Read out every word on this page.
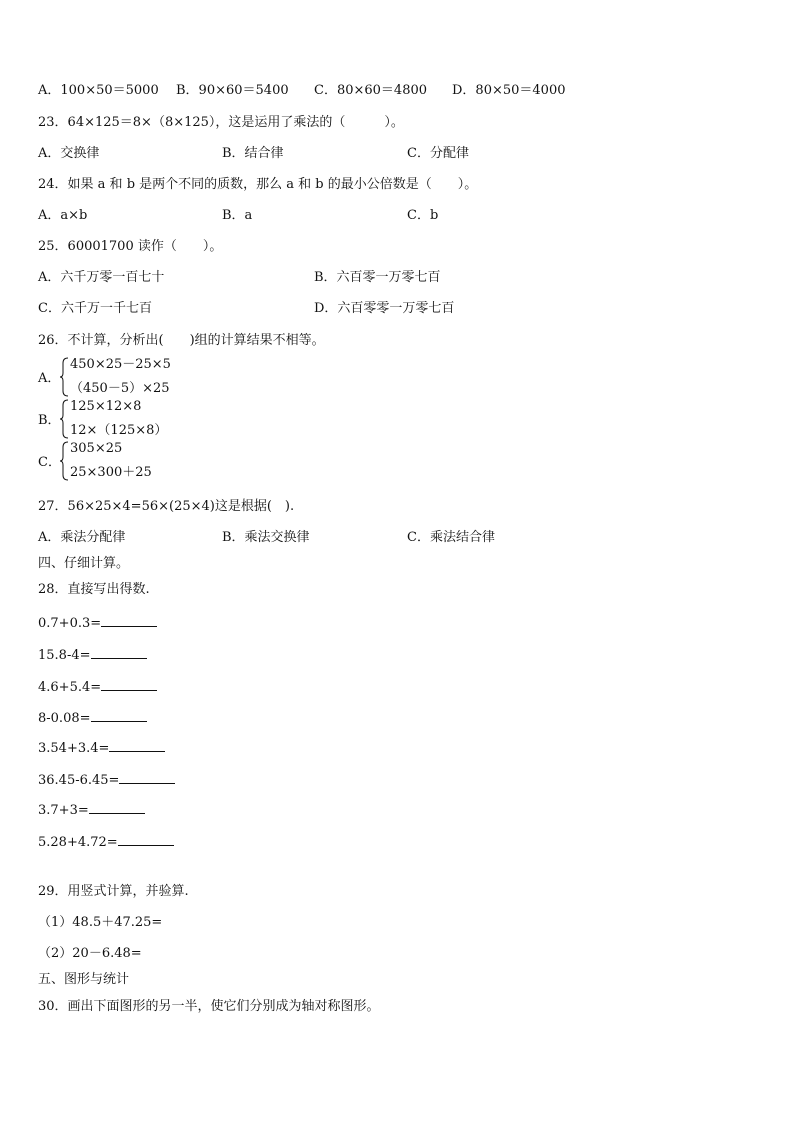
A．100×50＝5000 B．90×60＝5400 C．80×60＝4800 D．80×50＝4000
23．64×125＝8×（8×125），这是运用了乘法的（　　　）。
A．交换律	B．结合律	C．分配律
24．如果 a 和 b 是两个不同的质数，那么 a 和 b 的最小公倍数是（　　）。
A．a×b	B．a	C．b
25．60001700 读作（　　）。
A．六千万零一百七十	B．六百零一万零七百
C．六千万一千七百	D．六百零零一万零七百
26．不计算，分析出(　　)组的计算结果不相等。
A．
450×25－25×5
（450－5）×25
B．
125×12×8
12×（125×8）
C．
305×25
25×300＋25
27．56×25×4=56×(25×4)这是根据(　).
A．乘法分配律	B．乘法交换律	C．乘法结合律
四、仔细计算。
28．直接写出得数.
0.7+0.3=
15.8-4=
4.6+5.4=
8-0.08=
3.54+3.4=
36.45-6.45=
3.7+3=
5.28+4.72=
29．用竖式计算，并验算.
（1）48.5＋47.25=
（2）20－6.48=
五、图形与统计
30．画出下面图形的另一半，使它们分别成为轴对称图形。
